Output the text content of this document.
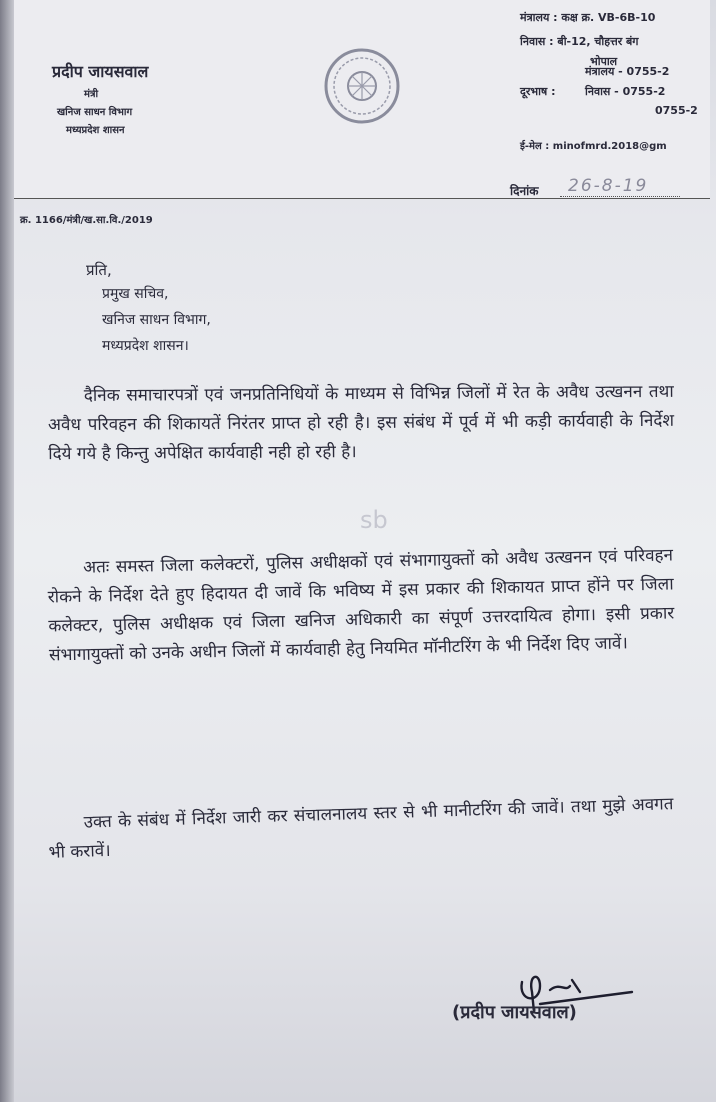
प्रदीप जायसवाल
मंत्री
खनिज साधन विभाग
मध्यप्रदेश शासन
मंत्रालय : कक्ष क्र. VB-6B-10
निवास : बी-12, चौहत्तर बंग
भोपाल
दूरभाष :
मंत्रालय - 0755-2
निवास - 0755-2
0755-2
ई-मेल : minofmrd.2018@gm
दिनांक 26-8-19
क्र. 1166/मंत्री/ख.सा.वि./2019
प्रति,
प्रमुख सचिव,
खनिज साधन विभाग,
मध्यप्रदेश शासन।
sb
दैनिक समाचारपत्रों एवं जनप्रतिनिधियों के माध्यम से विभिन्न जिलों में रेत के अवैध उत्खनन तथा अवैध परिवहन की शिकायतें निरंतर प्राप्त हो रही है। इस संबंध में पूर्व में भी कड़ी कार्यवाही के निर्देश दिये गये है किन्तु अपेक्षित कार्यवाही नही हो रही है।
अतः समस्त जिला कलेक्टरों, पुलिस अधीक्षकों एवं संभागायुक्तों को अवैध उत्खनन एवं परिवहन रोकने के निर्देश देते हुए हिदायत दी जावें कि भविष्य में इस प्रकार की शिकायत प्राप्त होंने पर जिला कलेक्टर, पुलिस अधीक्षक एवं जिला खनिज अधिकारी का संपूर्ण उत्तरदायित्व होगा। इसी प्रकार संभागायुक्तों को उनके अधीन जिलों में कार्यवाही हेतु नियमित मॉनीटरिंग के भी निर्देश दिए जावें।
उक्त के संबंध में निर्देश जारी कर संचालनालय स्तर से भी मानीटरिंग की जावें। तथा मुझे अवगत भी करावें।
(प्रदीप जायसवाल)
